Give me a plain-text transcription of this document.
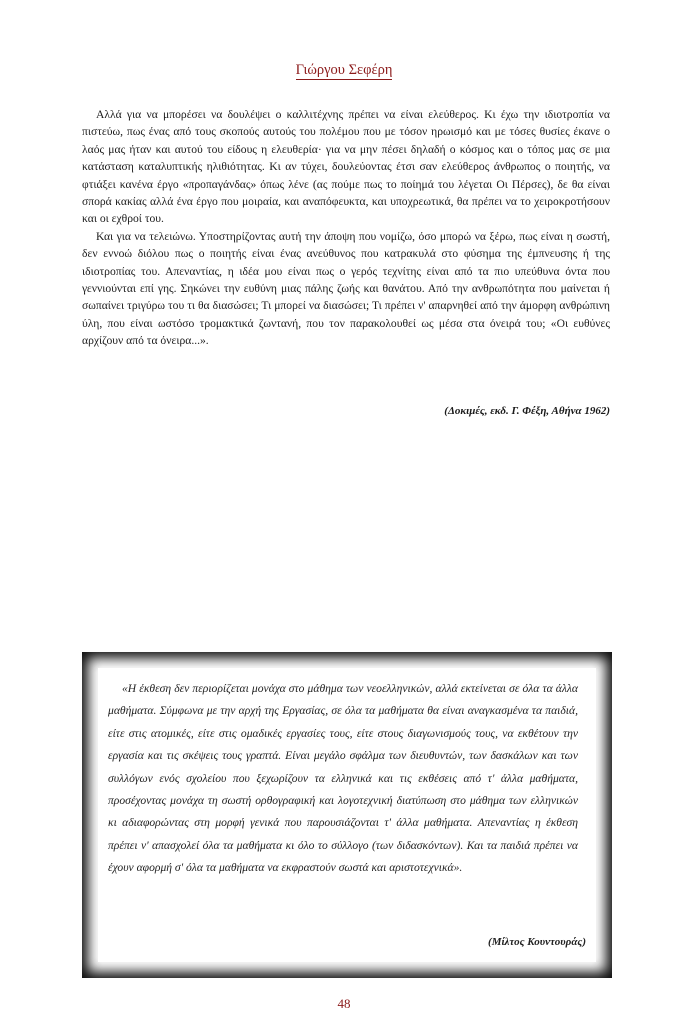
Γιώργου Σεφέρη

Αλλά για να μπορέσει να δουλέψει ο καλλιτέχνης πρέπει να είναι ελεύθερος. Κι έχω την ιδιοτροπία να πιστεύω, πως ένας από τους σκοπούς αυτούς του πολέμου που με τόσον ηρωισμό και με τόσες θυσίες έκανε ο λαός μας ήταν και αυτού του είδους η ελευθερία· για να μην πέσει δηλαδή ο κόσμος και ο τόπος μας σε μια κατάσταση καταλυπτικής ηλιθιότητας. Κι αν τύχει, δουλεύοντας έτσι σαν ελεύθερος άνθρωπος ο ποιητής, να φτιάξει κανένα έργο «προπαγάνδας» όπως λένε (ας πούμε πως το ποίημά του λέγεται Οι Πέρσες), δε θα είναι σπορά κακίας αλλά ένα έργο που μοιραία, και αναπόφευκτα, και υποχρεωτικά, θα πρέπει να το χειροκροτήσουν και οι εχθροί του.

Και για να τελειώνω. Υποστηρίζοντας αυτή την άποψη που νομίζω, όσο μπορώ να ξέρω, πως είναι η σωστή, δεν εννοώ διόλου πως ο ποιητής είναι ένας ανεύθυνος που κατρακυλά στο φύσημα της έμπνευσης ή της ιδιοτροπίας του. Απεναντίας, η ιδέα μου είναι πως ο γερός τεχνίτης είναι από τα πιο υπεύθυνα όντα που γεννιούνται επί γης. Σηκώνει την ευθύνη μιας πάλης ζωής και θανάτου. Από την ανθρωπότητα που μαίνεται ή σωπαίνει τριγύρω του τι θα διασώσει; Τι μπορεί να διασώσει; Τι πρέπει ν' απαρνηθεί από την άμορφη ανθρώπινη ύλη, που είναι ωστόσο τρομακτικά ζωντανή, που τον παρακολουθεί ως μέσα στα όνειρά του; «Οι ευθύνες αρχίζουν από τα όνειρα...».

(Δοκιμές, εκδ. Γ. Φέξη, Αθήνα 1962)
«Η έκθεση δεν περιορίζεται μονάχα στο μάθημα των νεοελληνικών, αλλά εκτείνεται σε όλα τα άλλα μαθήματα. Σύμφωνα με την αρχή της Εργασίας, σε όλα τα μαθήματα θα είναι αναγκασμένα τα παιδιά, είτε στις ατομικές, είτε στις ομαδικές εργασίες τους, είτε στους διαγωνισμούς τους, να εκθέτουν την εργασία και τις σκέψεις τους γραπτά. Είναι μεγάλο σφάλμα των διευθυντών, των δασκάλων και των συλλόγων ενός σχολείου που ξεχωρίζουν τα ελληνικά και τις εκθέσεις από τ' άλλα μαθήματα, προσέχοντας μονάχα τη σωστή ορθογραφική και λογοτεχνική διατύπωση στο μάθημα των ελληνικών κι αδιαφορώντας στη μορφή γενικά που παρουσιάζονται τ' άλλα μαθήματα. Απεναντίας η έκθεση πρέπει ν' απασχολεί όλα τα μαθήματα κι όλο το σύλλογο (των διδασκόντων). Και τα παιδιά πρέπει να έχουν αφορμή σ' όλα τα μαθήματα να εκφραστούν σωστά και αριστοτεχνικά».
(Μίλτος Κουντουράς)
48
